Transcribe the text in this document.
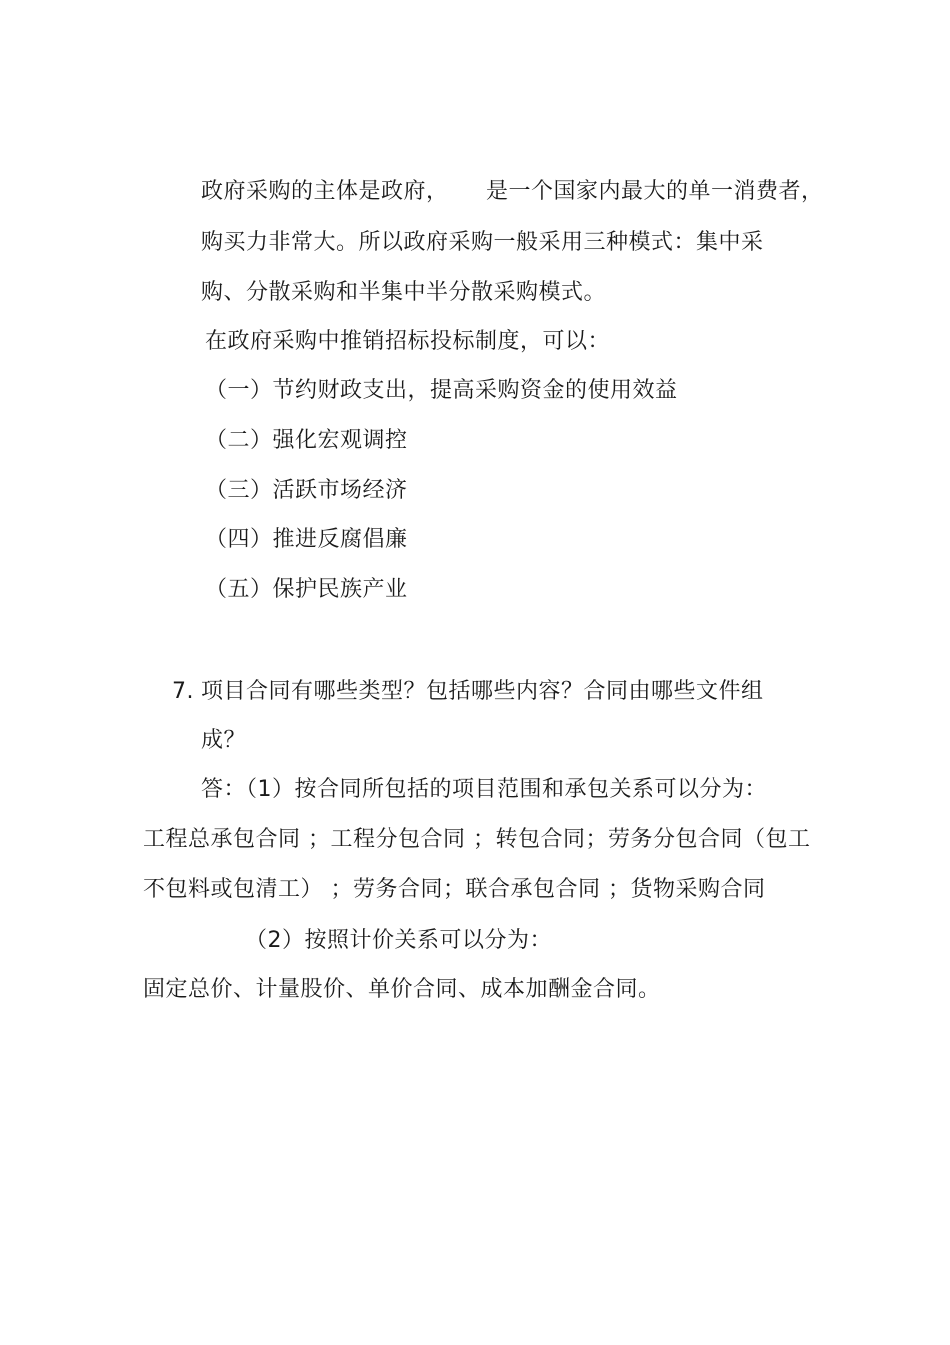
政府采购的主体是政府，     是一个国家内最大的单一消费者，
购买力非常大。所以政府采购一般采用三种模式：集中采
购、分散采购和半集中半分散采购模式。
在政府采购中推销招标投标制度，可以：
（一）节约财政支出，提高采购资金的使用效益
（二）强化宏观调控
（三）活跃市场经济
（四）推进反腐倡廉
（五）保护民族产业
7. 项目合同有哪些类型？包括哪些内容？合同由哪些文件组
成？
答：（1）按合同所包括的项目范围和承包关系可以分为：
工程总承包合同 ；工程分包合同 ；转包合同；劳务分包合同（包工
不包料或包清工） ；劳务合同；联合承包合同 ；货物采购合同
（2）按照计价关系可以分为：
固定总价、计量股价、单价合同、成本加酬金合同。
